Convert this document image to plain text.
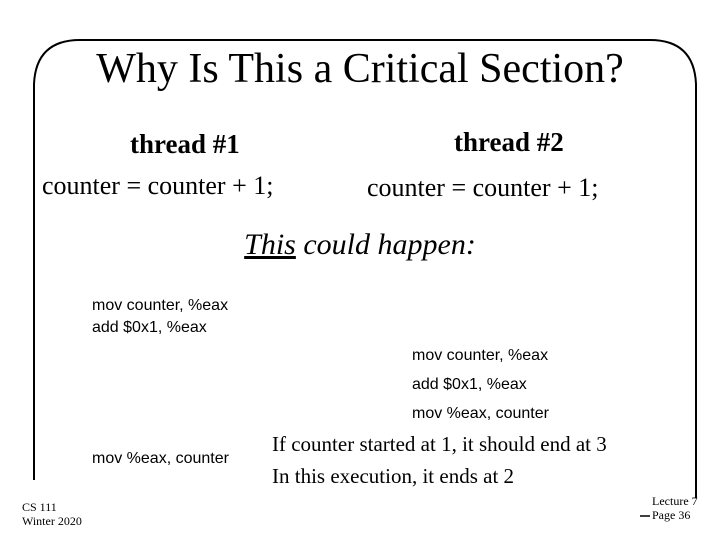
Why Is This a Critical Section?
thread #1
counter = counter + 1;
thread #2
counter = counter + 1;
This could happen:
mov counter, %eax
add $0x1, %eax
mov counter, %eax
add $0x1, %eax
mov %eax, counter
mov %eax, counter
If counter started at 1, it should end at 3
In this execution, it ends at 2
CS 111
Winter 2020
Lecture 7
Page 36
